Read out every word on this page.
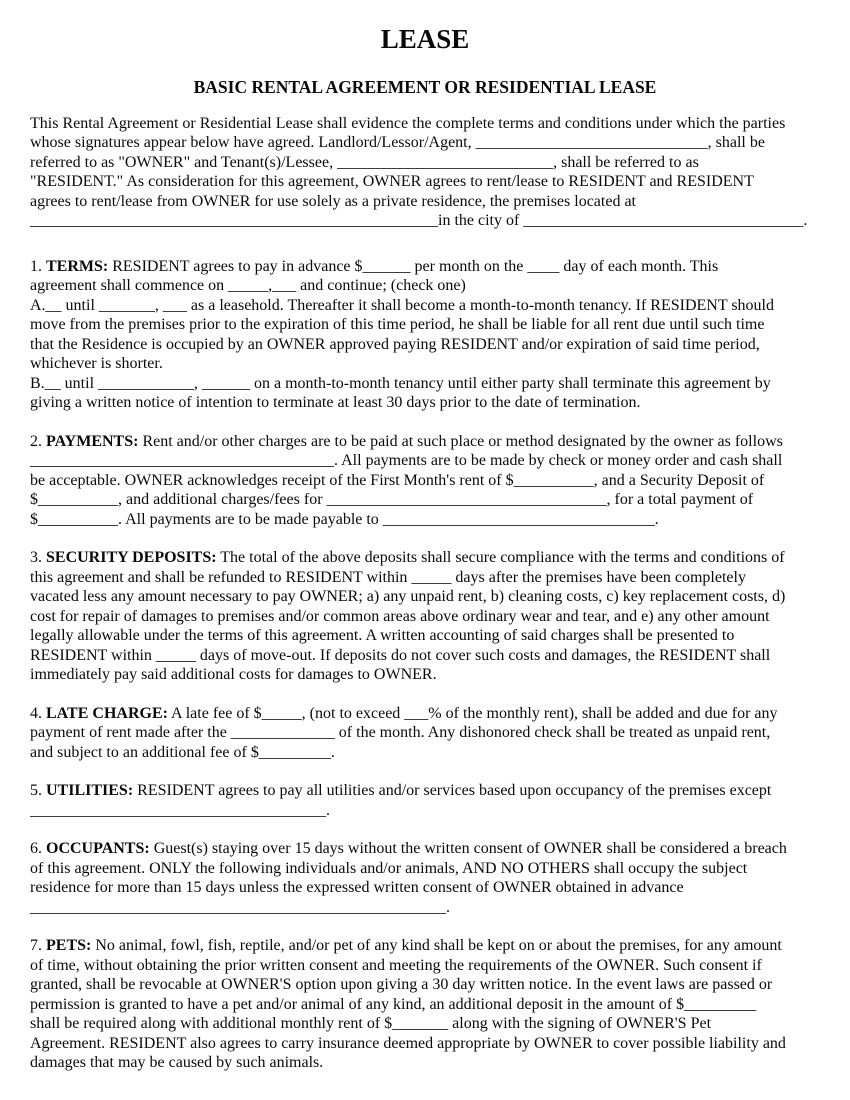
LEASE
BASIC RENTAL AGREEMENT OR RESIDENTIAL LEASE
This Rental Agreement or Residential Lease shall evidence the complete terms and conditions under which the parties
whose signatures appear below have agreed. Landlord/Lessor/Agent, _____________________________, shall be
referred to as "OWNER" and Tenant(s)/Lessee, ___________________________, shall be referred to as
"RESIDENT." As consideration for this agreement, OWNER agrees to rent/lease to RESIDENT and RESIDENT
agrees to rent/lease from OWNER for use solely as a private residence, the premises located at
___________________________________________________in the city of ___________________________________.
1. TERMS: RESIDENT agrees to pay in advance $______ per month on the ____ day of each month. This
agreement shall commence on _____,___ and continue; (check one)
A.__ until _______, ___ as a leasehold. Thereafter it shall become a month-to-month tenancy. If RESIDENT should
move from the premises prior to the expiration of this time period, he shall be liable for all rent due until such time
that the Residence is occupied by an OWNER approved paying RESIDENT and/or expiration of said time period,
whichever is shorter.
B.__ until ____________, ______ on a month-to-month tenancy until either party shall terminate this agreement by
giving a written notice of intention to terminate at least 30 days prior to the date of termination.
2. PAYMENTS: Rent and/or other charges are to be paid at such place or method designated by the owner as follows
______________________________________. All payments are to be made by check or money order and cash shall
be acceptable. OWNER acknowledges receipt of the First Month's rent of $__________, and a Security Deposit of
$__________, and additional charges/fees for ___________________________________, for a total payment of
$__________. All payments are to be made payable to __________________________________.
3. SECURITY DEPOSITS: The total of the above deposits shall secure compliance with the terms and conditions of
this agreement and shall be refunded to RESIDENT within _____ days after the premises have been completely
vacated less any amount necessary to pay OWNER; a) any unpaid rent, b) cleaning costs, c) key replacement costs, d)
cost for repair of damages to premises and/or common areas above ordinary wear and tear, and e) any other amount
legally allowable under the terms of this agreement. A written accounting of said charges shall be presented to
RESIDENT within _____ days of move-out. If deposits do not cover such costs and damages, the RESIDENT shall
immediately pay said additional costs for damages to OWNER.
4. LATE CHARGE: A late fee of $_____, (not to exceed ___% of the monthly rent), shall be added and due for any
payment of rent made after the _____________ of the month. Any dishonored check shall be treated as unpaid rent,
and subject to an additional fee of $_________.
5. UTILITIES: RESIDENT agrees to pay all utilities and/or services based upon occupancy of the premises except
_____________________________________.
6. OCCUPANTS: Guest(s) staying over 15 days without the written consent of OWNER shall be considered a breach
of this agreement. ONLY the following individuals and/or animals, AND NO OTHERS shall occupy the subject
residence for more than 15 days unless the expressed written consent of OWNER obtained in advance
____________________________________________________.
7. PETS: No animal, fowl, fish, reptile, and/or pet of any kind shall be kept on or about the premises, for any amount
of time, without obtaining the prior written consent and meeting the requirements of the OWNER. Such consent if
granted, shall be revocable at OWNER'S option upon giving a 30 day written notice. In the event laws are passed or
permission is granted to have a pet and/or animal of any kind, an additional deposit in the amount of $_________
shall be required along with additional monthly rent of $_______ along with the signing of OWNER'S Pet
Agreement. RESIDENT also agrees to carry insurance deemed appropriate by OWNER to cover possible liability and
damages that may be caused by such animals.
